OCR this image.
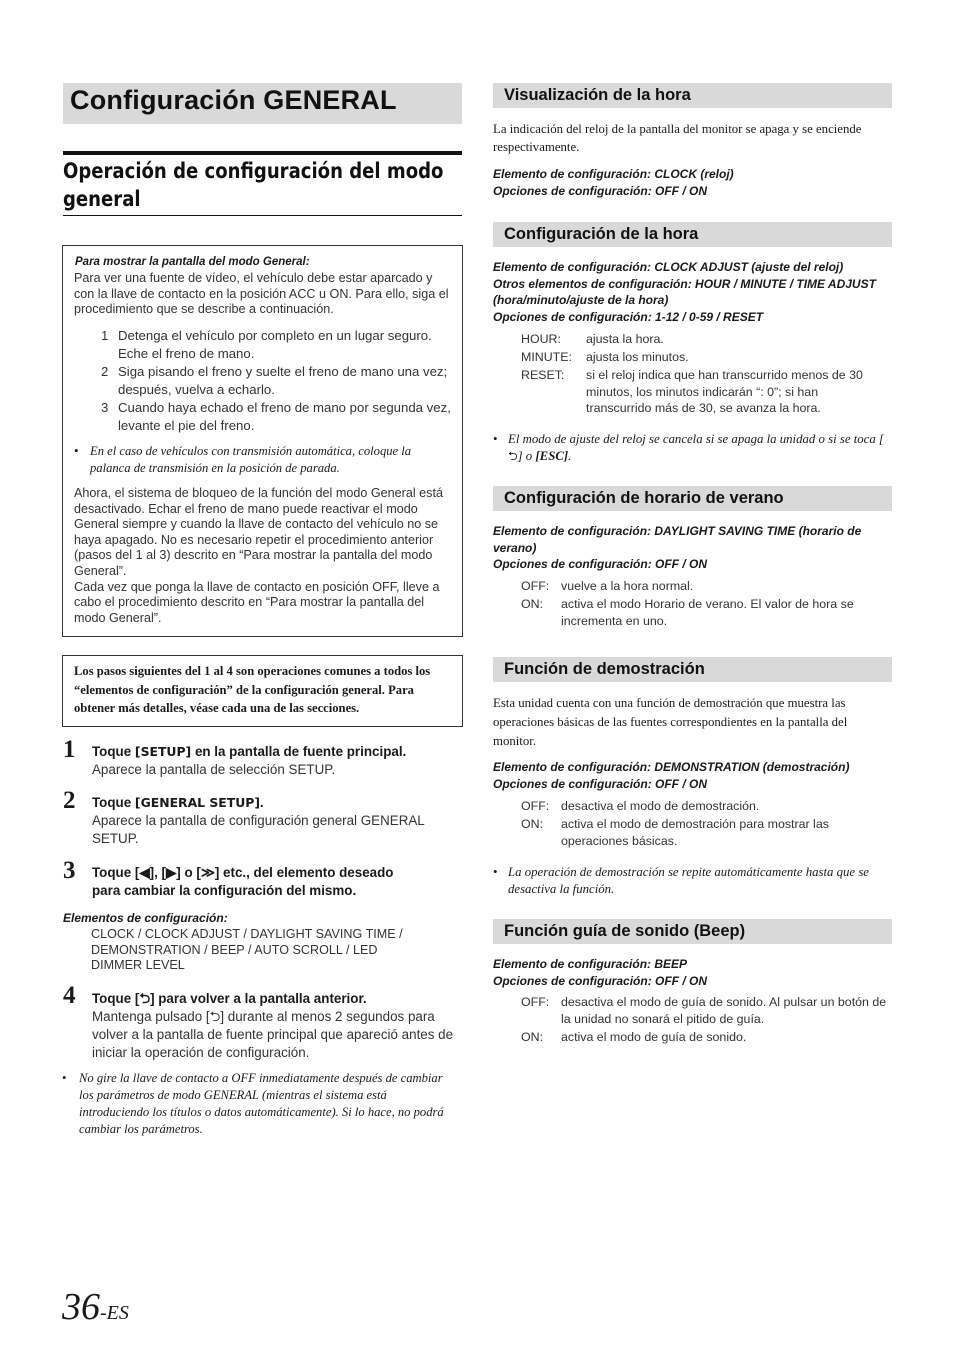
Configuración GENERAL
Operación de configuración del modo general
Para mostrar la pantalla del modo General:
Para ver una fuente de vídeo, el vehículo debe estar aparcado y con la llave de contacto en la posición ACC u ON. Para ello, siga el procedimiento que se describe a continuación.
1 Detenga el vehículo por completo en un lugar seguro. Eche el freno de mano.
2 Siga pisando el freno y suelte el freno de mano una vez; después, vuelva a echarlo.
3 Cuando haya echado el freno de mano por segunda vez, levante el pie del freno.
• En el caso de vehículos con transmisión automática, coloque la palanca de transmisión en la posición de parada.
Ahora, el sistema de bloqueo de la función del modo General está desactivado. Echar el freno de mano puede reactivar el modo General siempre y cuando la llave de contacto del vehículo no se haya apagado. No es necesario repetir el procedimiento anterior (pasos del 1 al 3) descrito en “Para mostrar la pantalla del modo General”.
Cada vez que ponga la llave de contacto en posición OFF, lleve a cabo el procedimiento descrito en “Para mostrar la pantalla del modo General”.
Los pasos siguientes del 1 al 4 son operaciones comunes a todos los “elementos de configuración” de la configuración general. Para obtener más detalles, véase cada una de las secciones.
1 Toque [SETUP] en la pantalla de fuente principal.
Aparece la pantalla de selección SETUP.
2 Toque [GENERAL SETUP].
Aparece la pantalla de configuración general GENERAL SETUP.
3 Toque [◀], [▶] o [≫] etc., del elemento deseado
para cambiar la configuración del mismo.
Elementos de configuración:
CLOCK / CLOCK ADJUST / DAYLIGHT SAVING TIME / DEMONSTRATION / BEEP / AUTO SCROLL / LED DIMMER LEVEL
4 Toque [⮌] para volver a la pantalla anterior.
Mantenga pulsado [⮌] durante al menos 2 segundos para volver a la pantalla de fuente principal que apareció antes de iniciar la operación de configuración.
• No gire la llave de contacto a OFF inmediatamente después de cambiar los parámetros de modo GENERAL (mientras el sistema está introduciendo los títulos o datos automáticamente). Si lo hace, no podrá cambiar los parámetros.
Visualización de la hora
La indicación del reloj de la pantalla del monitor se apaga y se enciende respectivamente.
Elemento de configuración: CLOCK (reloj)
Opciones de configuración: OFF / ON
Configuración de la hora
Elemento de configuración: CLOCK ADJUST (ajuste del reloj)
Otros elementos de configuración: HOUR / MINUTE / TIME ADJUST (hora/minuto/ajuste de la hora)
Opciones de configuración: 1-12 / 0-59 / RESET
HOUR: ajusta la hora.
MINUTE: ajusta los minutos.
RESET: si el reloj indica que han transcurrido menos de 30 minutos, los minutos indicarán “: 0”; si han transcurrido más de 30, se avanza la hora.
• El modo de ajuste del reloj se cancela si se apaga la unidad o si se toca [⮌] o [ESC].
Configuración de horario de verano
Elemento de configuración: DAYLIGHT SAVING TIME (horario de verano)
Opciones de configuración: OFF / ON
OFF: vuelve a la hora normal.
ON: activa el modo Horario de verano. El valor de hora se incrementa en uno.
Función de demostración
Esta unidad cuenta con una función de demostración que muestra las operaciones básicas de las fuentes correspondientes en la pantalla del monitor.
Elemento de configuración: DEMONSTRATION (demostración)
Opciones de configuración: OFF / ON
OFF: desactiva el modo de demostración.
ON: activa el modo de demostración para mostrar las operaciones básicas.
• La operación de demostración se repite automáticamente hasta que se desactiva la función.
Función guía de sonido (Beep)
Elemento de configuración: BEEP
Opciones de configuración: OFF / ON
OFF: desactiva el modo de guía de sonido. Al pulsar un botón de la unidad no sonará el pitido de guía.
ON: activa el modo de guía de sonido.
36-ES
